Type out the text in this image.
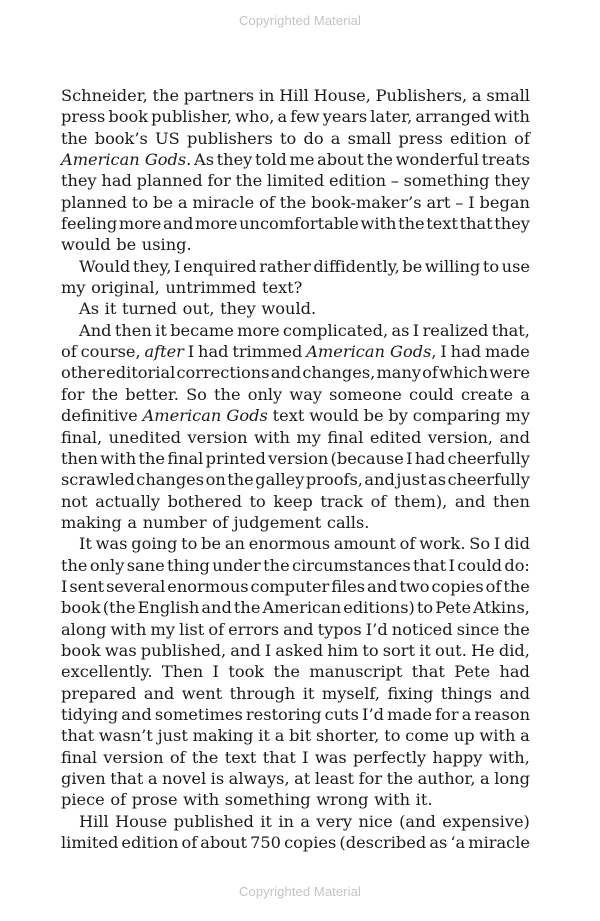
Copyrighted Material
Schneider, the partners in Hill House, Publishers, a small
press book publisher, who, a few years later, arranged with
the book’s US publishers to do a small press edition of
American Gods. As they told me about the wonderful treats
they had planned for the limited edition – something they
planned to be a miracle of the book-maker’s art – I began
feeling more and more uncomfortable with the text that they
would be using.
Would they, I enquired rather diffidently, be willing to use
my original, untrimmed text?
As it turned out, they would.
And then it became more complicated, as I realized that,
of course, after I had trimmed American Gods, I had made
other editorial corrections and changes, many of which were
for the better. So the only way someone could create a
definitive American Gods text would be by comparing my
final, unedited version with my final edited version, and
then with the final printed version (because I had cheerfully
scrawled changes on the galley proofs, and just as cheerfully
not actually bothered to keep track of them), and then
making a number of judgement calls.
It was going to be an enormous amount of work. So I did
the only sane thing under the circumstances that I could do:
I sent several enormous computer files and two copies of the
book (the English and the American editions) to Pete Atkins,
along with my list of errors and typos I’d noticed since the
book was published, and I asked him to sort it out. He did,
excellently. Then I took the manuscript that Pete had
prepared and went through it myself, fixing things and
tidying and sometimes restoring cuts I’d made for a reason
that wasn’t just making it a bit shorter, to come up with a
final version of the text that I was perfectly happy with,
given that a novel is always, at least for the author, a long
piece of prose with something wrong with it.
Hill House published it in a very nice (and expensive)
limited edition of about 750 copies (described as ‘a miracle
Copyrighted Material
